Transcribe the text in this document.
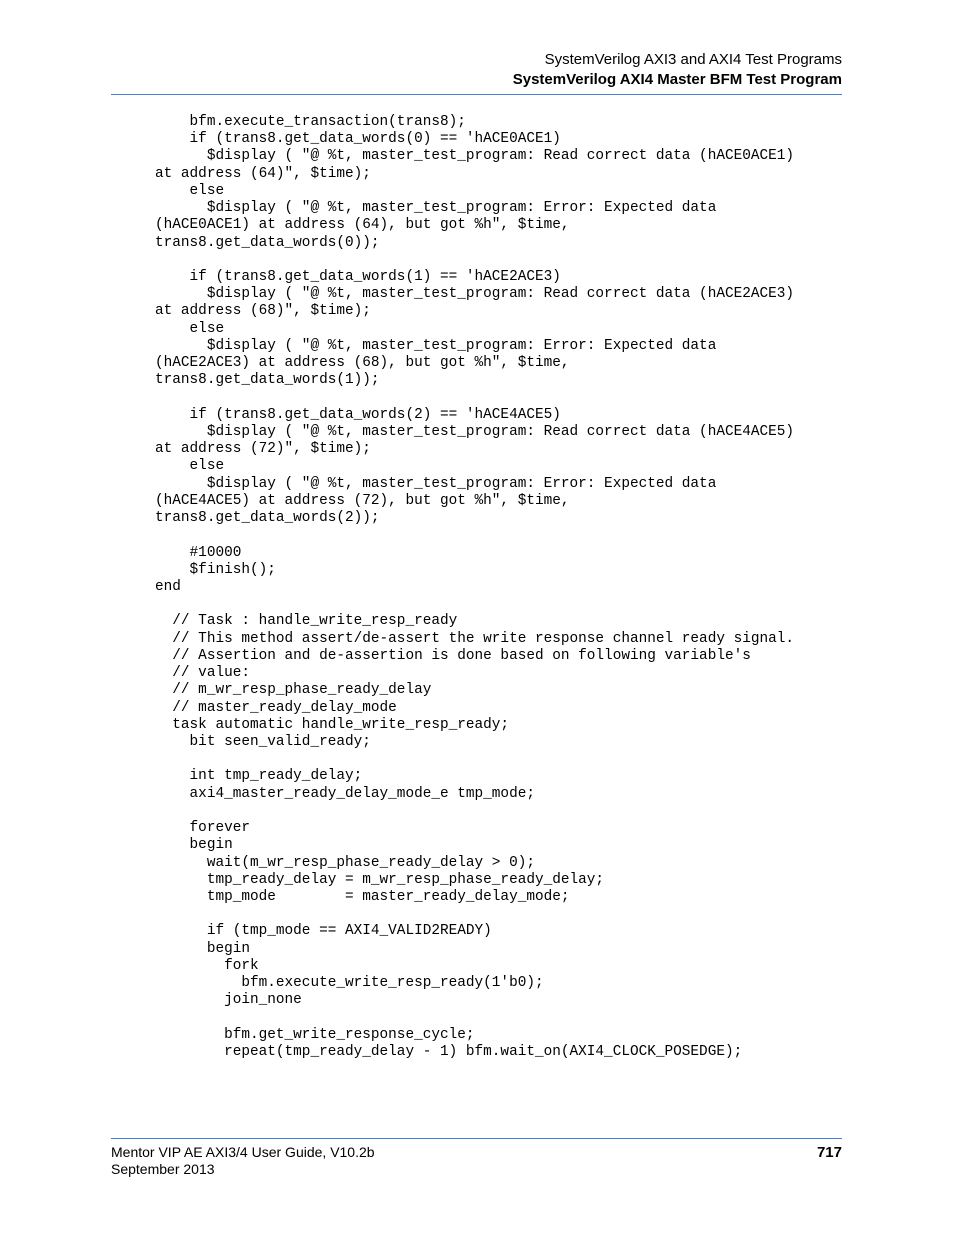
SystemVerilog AXI3 and AXI4 Test Programs
SystemVerilog AXI4 Master BFM Test Program
bfm.execute_transaction(trans8);
if (trans8.get_data_words(0) == 'hACE0ACE1)
$display ( "@ %t, master_test_program: Read correct data (hACE0ACE1)
at address (64)", $time);
else
$display ( "@ %t, master_test_program: Error: Expected data
(hACE0ACE1) at address (64), but got %h", $time,
trans8.get_data_words(0));
if (trans8.get_data_words(1) == 'hACE2ACE3)
$display ( "@ %t, master_test_program: Read correct data (hACE2ACE3)
at address (68)", $time);
else
$display ( "@ %t, master_test_program: Error: Expected data
(hACE2ACE3) at address (68), but got %h", $time,
trans8.get_data_words(1));
if (trans8.get_data_words(2) == 'hACE4ACE5)
$display ( "@ %t, master_test_program: Read correct data (hACE4ACE5)
at address (72)", $time);
else
$display ( "@ %t, master_test_program: Error: Expected data
(hACE4ACE5) at address (72), but got %h", $time,
trans8.get_data_words(2));
#10000
$finish();
end
// Task : handle_write_resp_ready
// This method assert/de-assert the write response channel ready signal.
// Assertion and de-assertion is done based on following variable's
// value:
// m_wr_resp_phase_ready_delay
// master_ready_delay_mode
task automatic handle_write_resp_ready;
bit seen_valid_ready;
int tmp_ready_delay;
axi4_master_ready_delay_mode_e tmp_mode;
forever
begin
wait(m_wr_resp_phase_ready_delay > 0);
tmp_ready_delay = m_wr_resp_phase_ready_delay;
tmp_mode        = master_ready_delay_mode;
if (tmp_mode == AXI4_VALID2READY)
begin
fork
bfm.execute_write_resp_ready(1'b0);
join_none
bfm.get_write_response_cycle;
repeat(tmp_ready_delay - 1) bfm.wait_on(AXI4_CLOCK_POSEDGE);
Mentor VIP AE AXI3/4 User Guide, V10.2b
September 2013
717
